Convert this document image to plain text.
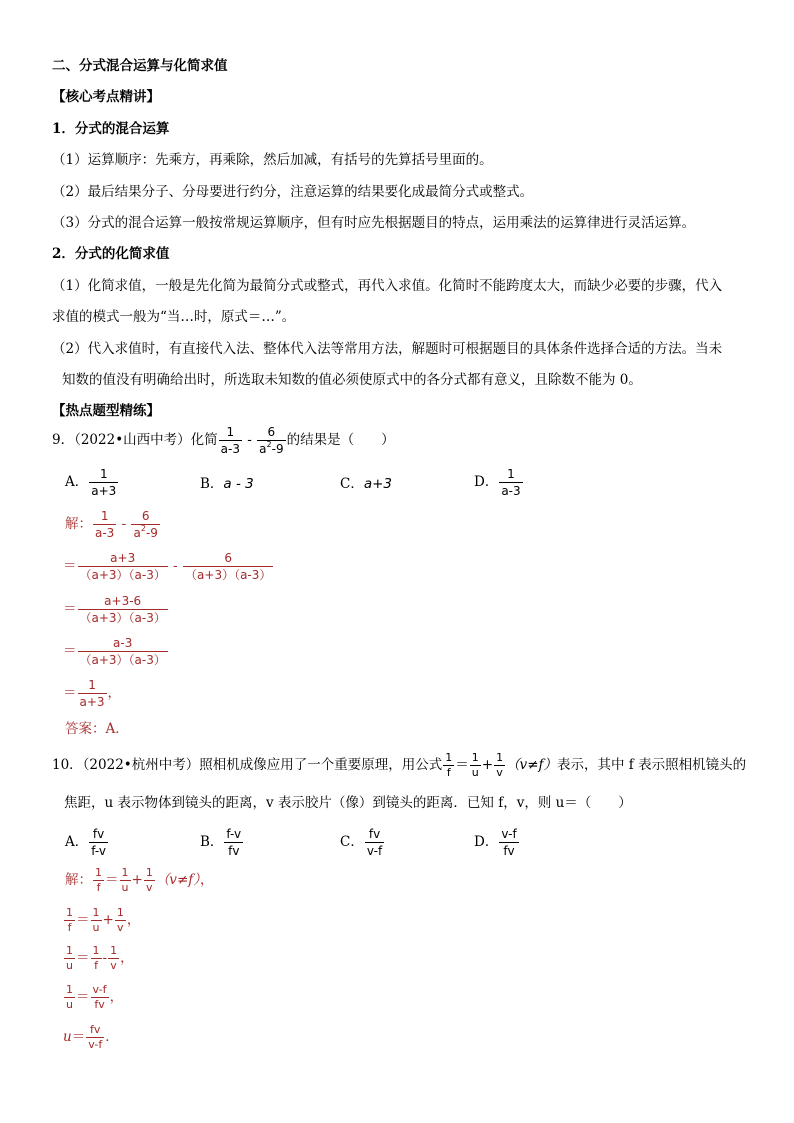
二、分式混合运算与化简求值
【核心考点精讲】
1．分式的混合运算
（1）运算顺序：先乘方，再乘除，然后加减，有括号的先算括号里面的。
（2）最后结果分子、分母要进行约分，注意运算的结果要化成最简分式或整式。
（3）分式的混合运算一般按常规运算顺序，但有时应先根据题目的特点，运用乘法的运算律进行灵活运算。
2．分式的化简求值
（1）化简求值，一般是先化简为最简分式或整式，再代入求值。化简时不能跨度太大，而缺少必要的步骤，代入
求值的模式一般为“当…时，原式＝…”。
（2）代入求值时，有直接代入法、整体代入法等常用方法，解题时可根据题目的具体条件选择合适的方法。当未
知数的值没有明确给出时，所选取未知数的值必须使原式中的各分式都有意义，且除数不能为 0。
【热点题型精练】
9．（2022•山西中考）化简 $\frac{1}{a-3} - \frac{6}{a^2-9}$ 的结果是（　　）
A． $\frac{1}{a+3}$	B．a - 3	C．a+3	D． $\frac{1}{a-3}$
解： $\frac{1}{a-3} - \frac{6}{a^2-9}$
＝ $\frac{a+3}{(a+3)(a-3)} - \frac{6}{(a+3)(a-3)}$
＝ $\frac{a+3-6}{(a+3)(a-3)}$
＝ $\frac{a-3}{(a+3)(a-3)}$
＝ $\frac{1}{a+3}$ ，
答案：A．
10．（2022•杭州中考）照相机成像应用了一个重要原理，用公式 $\frac{1}{f} = \frac{1}{u} + \frac{1}{v} (v\ne f)$表示，其中 f 表示照相机镜头的
焦距，u 表示物体到镜头的距离，v 表示胶片（像）到镜头的距离．已知 f，v，则 u＝（　　）
A． $\frac{fv}{f-v}$	B． $\frac{f-v}{fv}$	C． $\frac{fv}{v-f}$	D． $\frac{v-f}{fv}$
解： $\frac{1}{f} = \frac{1}{u} + \frac{1}{v} (v\ne f)$，
$\frac{1}{f} = \frac{1}{u} + \frac{1}{v}$ ，
$\frac{1}{u} = \frac{1}{f} - \frac{1}{v}$ ，
$\frac{1}{u} = \frac{v-f}{fv}$ ，
$u= \frac{fv}{v-f}$ ．
